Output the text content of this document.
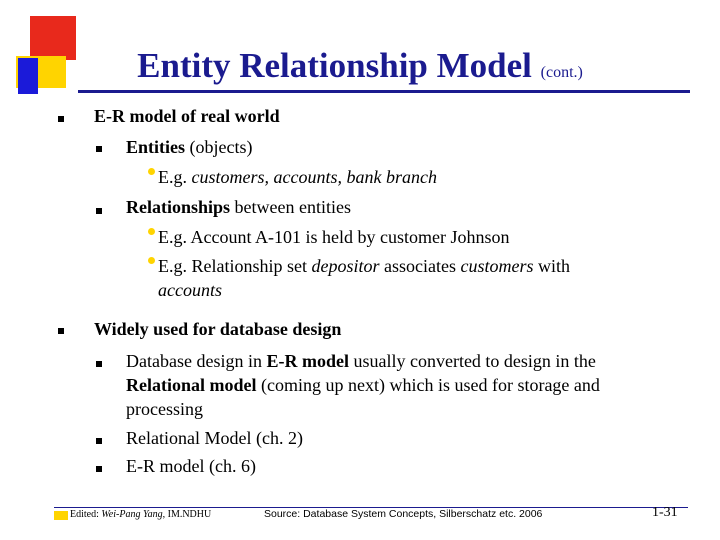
Entity Relationship Model (cont.)
E-R model of real world
Entities (objects)
E.g. customers, accounts, bank branch
Relationships between entities
E.g. Account A-101 is held by customer Johnson
E.g. Relationship set depositor associates customers with
accounts
Widely used for database design
Database design in E-R model usually converted to design in the
Relational model (coming up next) which is used for storage and
processing
Relational Model (ch. 2)
E-R model (ch. 6)
Edited: Wei-Pang Yang, IM.NDHU	Source: Database System Concepts, Silberschatz etc. 2006	1-31
